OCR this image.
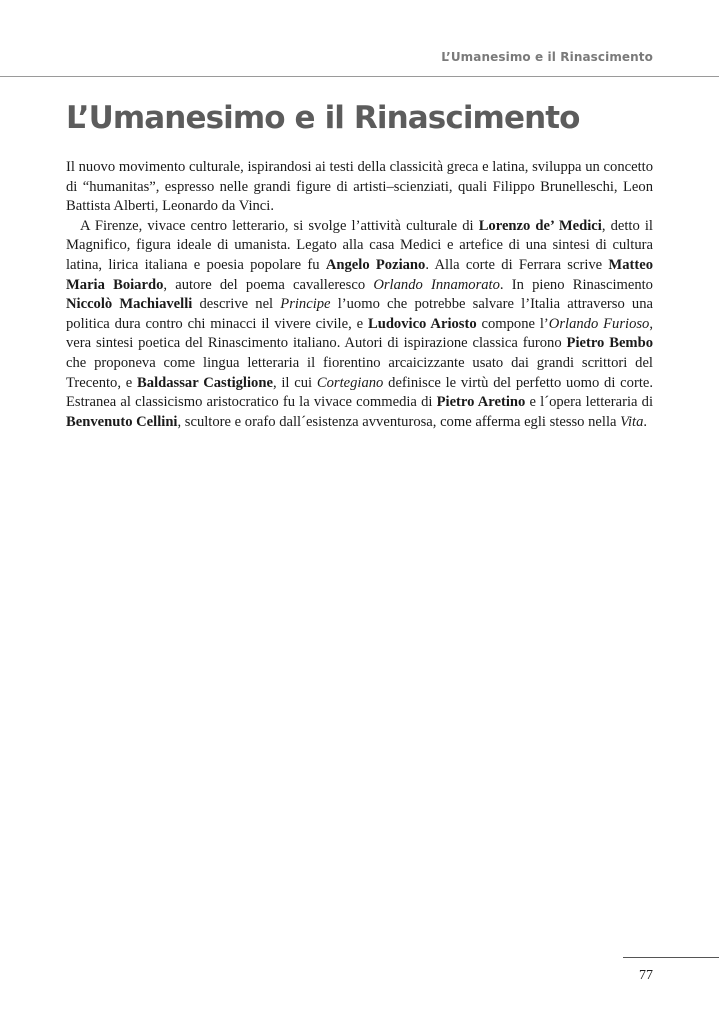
L’Umanesimo e il Rinascimento
L’Umanesimo e il Rinascimento

Il nuovo movimento culturale, ispirandosi ai testi della classicità greca e latina, sviluppa un concetto di “humanitas”, espresso nelle grandi figure di artisti–scienziati, quali Filippo Brunelleschi, Leon Battista Alberti, Leonardo da Vinci.

A Firenze, vivace centro letterario, si svolge l’attività culturale di Lorenzo de’ Medici, detto il Magnifico, figura ideale di umanista. Legato alla casa Medici e artefice di una sintesi di cultura latina, lirica italiana e poesia popolare fu Angelo Poziano. Alla corte di Ferrara scrive Matteo Maria Boiardo, autore del poema cavalleresco Orlando Innamorato. In pieno Rinascimento Niccolò Machiavelli descrive nel Principe l’uomo che potrebbe salvare l’Italia attraverso una politica dura contro chi minacci il vivere civile, e Ludovico Ariosto compone l’Orlando Furioso, vera sintesi poetica del Rinascimento italiano. Autori di ispirazione classica furono Pietro Bembo che proponeva come lingua letteraria il fiorentino arcaicizzante usato dai grandi scrittori del Trecento, e Baldassar Castiglione, il cui Cortegiano definisce le virtù del perfetto uomo di corte. Estranea al classicismo aristocratico fu la vivace commedia di Pietro Aretino e l´opera letteraria di Benvenuto Cellini, scultore e orafo dall´esistenza avventurosa, come afferma egli stesso nella Vita.

77
